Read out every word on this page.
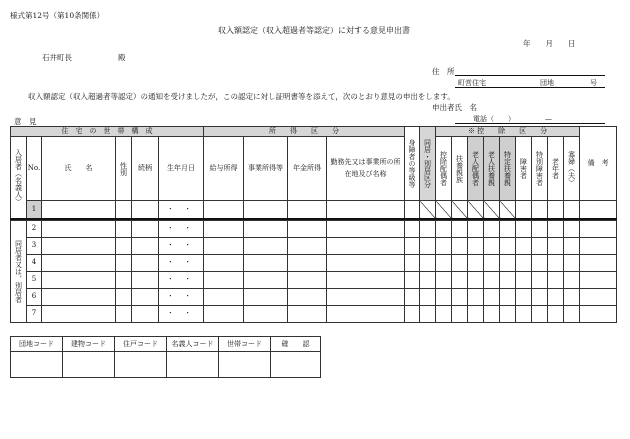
様式第12号（第10条関係）
収入額認定（収入超過者等認定）に対する意見申出書
年　　月　　日
石井町長	殿
住　所
町営住宅	団地	号
収入額認定（収入超過者等認定）の通知を受けましたが，この認定に対し証明書等を添えて，次のとおり意見の申出をします。
申出者氏　名
意　見	電話（　　）	—
住　宅　の　世　帯　構　成						所　　得　　区　　分				身障者の等級等	同居・別居区分	※ 控　　除　　区　　分									備　考

入居者（名義人）	No.	氏　　名	性別	続柄	生年月日	給与所得	事業所得等	年金所得	勤務先又は事業所の所在地及び名称			控除配偶者	扶養親族	老人配偶者	老人扶養親	特定扶養親	障害者	特別障害者	老年者	寡婦（夫）	

	1				・ ・																

同居者又は，別居者	2				・ ・																
	3				・ ・																
	4				・ ・																
	5				・ ・																
	6				・ ・																
	7				・ ・																
団地コード	建物コード	住戸コード	名義人コード	世帯コード	確　　認
